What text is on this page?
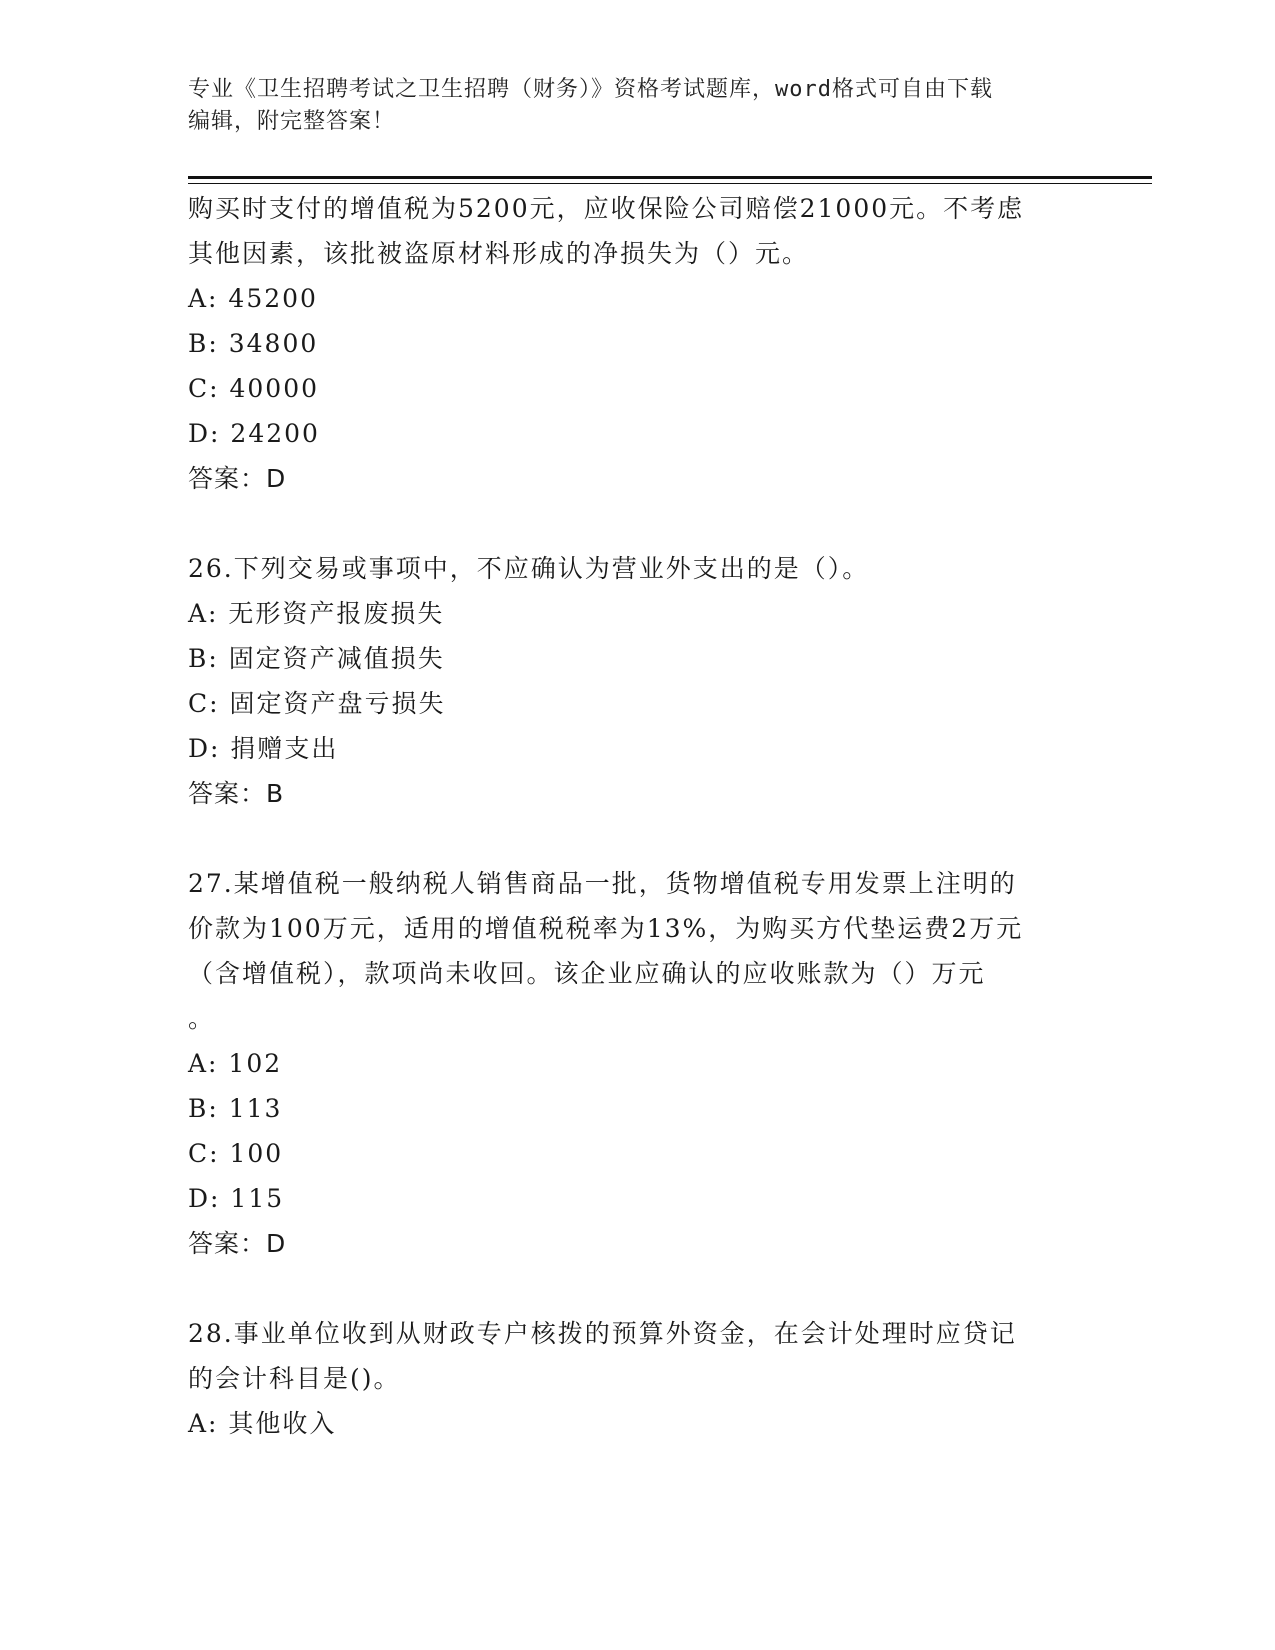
专业《卫生招聘考试之卫生招聘（财务）》资格考试题库，word格式可自由下载
编辑，附完整答案！
购买时支付的增值税为5200元，应收保险公司赔偿21000元。不考虑
其他因素，该批被盗原材料形成的净损失为（）元。
A: 45200
B: 34800
C: 40000
D: 24200
答案：D
26.下列交易或事项中，不应确认为营业外支出的是（）。
A: 无形资产报废损失
B: 固定资产减值损失
C: 固定资产盘亏损失
D: 捐赠支出
答案：B
27.某增值税一般纳税人销售商品一批，货物增值税专用发票上注明的
价款为100万元，适用的增值税税率为13%，为购买方代垫运费2万元
（含增值税），款项尚未收回。该企业应确认的应收账款为（）万元
。
A: 102
B: 113
C: 100
D: 115
答案：D
28.事业单位收到从财政专户核拨的预算外资金，在会计处理时应贷记
的会计科目是()。
A: 其他收入
